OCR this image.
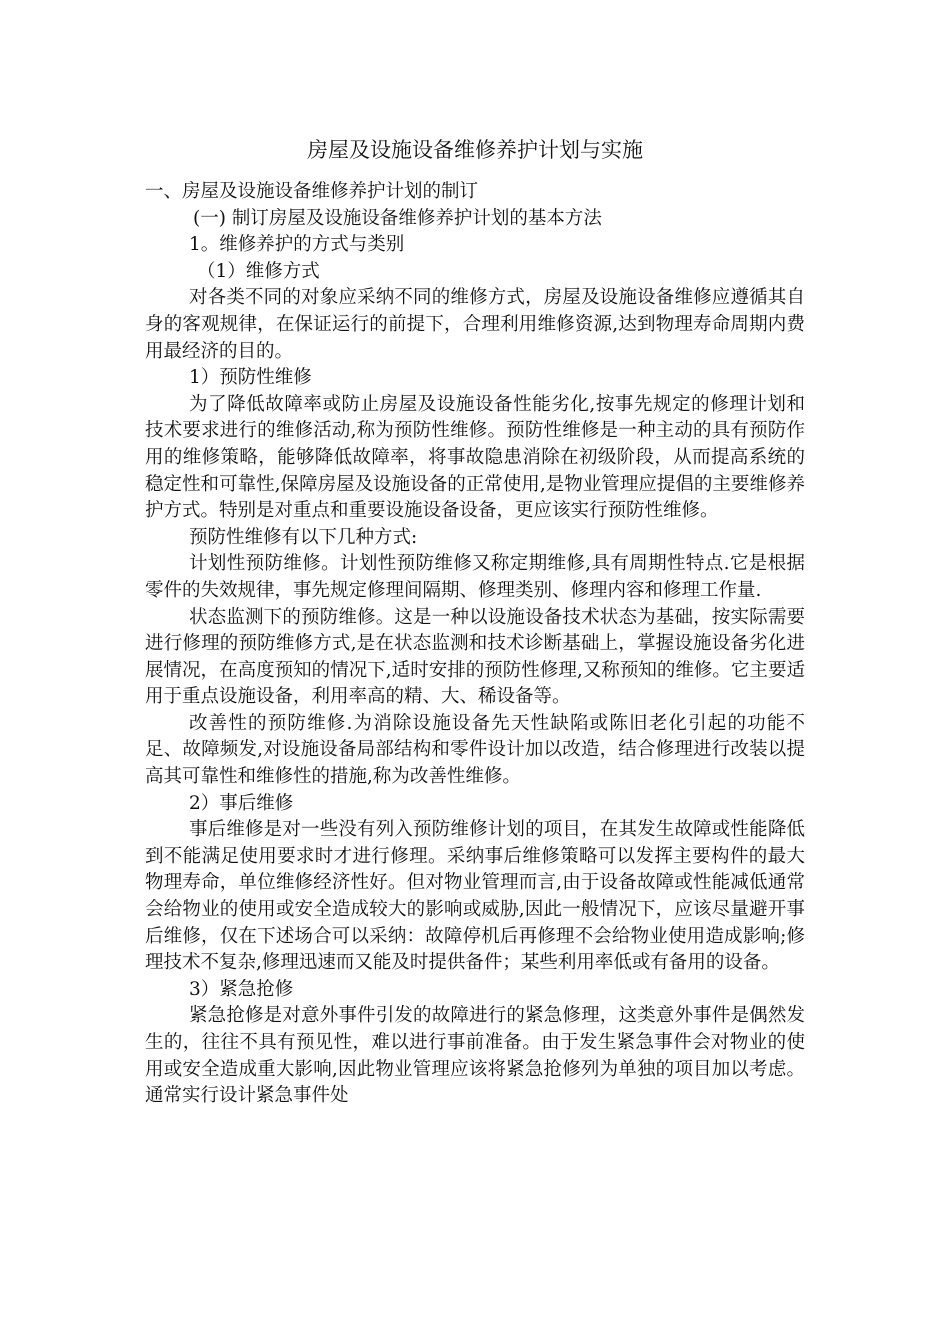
房屋及设施设备维修养护计划与实施

一、房屋及设施设备维修养护计划的制订

(一) 制订房屋及设施设备维修养护计划的基本方法

1。维修养护的方式与类别

（1）维修方式

对各类不同的对象应采纳不同的维修方式，房屋及设施设备维修应遵循其自身的客观规律，在保证运行的前提下，合理利用维修资源,达到物理寿命周期内费用最经济的目的。

1）预防性维修

为了降低故障率或防止房屋及设施设备性能劣化,按事先规定的修理计划和技术要求进行的维修活动,称为预防性维修。预防性维修是一种主动的具有预防作用的维修策略，能够降低故障率，将事故隐患消除在初级阶段，从而提高系统的稳定性和可靠性,保障房屋及设施设备的正常使用,是物业管理应提倡的主要维修养护方式。特别是对重点和重要设施设备设备，更应该实行预防性维修。

预防性维修有以下几种方式:

计划性预防维修。计划性预防维修又称定期维修,具有周期性特点.它是根据零件的失效规律，事先规定修理间隔期、修理类别、修理内容和修理工作量.

状态监测下的预防维修。这是一种以设施设备技术状态为基础，按实际需要进行修理的预防维修方式,是在状态监测和技术诊断基础上，掌握设施设备劣化进展情况，在高度预知的情况下,适时安排的预防性修理,又称预知的维修。它主要适用于重点设施设备，利用率高的精、大、稀设备等。

改善性的预防维修.为消除设施设备先天性缺陷或陈旧老化引起的功能不足、故障频发,对设施设备局部结构和零件设计加以改造，结合修理进行改装以提高其可靠性和维修性的措施,称为改善性维修。

2）事后维修

事后维修是对一些没有列入预防维修计划的项目，在其发生故障或性能降低到不能满足使用要求时才进行修理。采纳事后维修策略可以发挥主要构件的最大物理寿命，单位维修经济性好。但对物业管理而言,由于设备故障或性能减低通常会给物业的使用或安全造成较大的影响或威胁,因此一般情况下，应该尽量避开事后维修，仅在下述场合可以采纳：故障停机后再修理不会给物业使用造成影响;修理技术不复杂,修理迅速而又能及时提供备件；某些利用率低或有备用的设备。

3）紧急抢修

紧急抢修是对意外事件引发的故障进行的紧急修理，这类意外事件是偶然发生的，往往不具有预见性，难以进行事前准备。由于发生紧急事件会对物业的使用或安全造成重大影响,因此物业管理应该将紧急抢修列为单独的项目加以考虑。通常实行设计紧急事件处
